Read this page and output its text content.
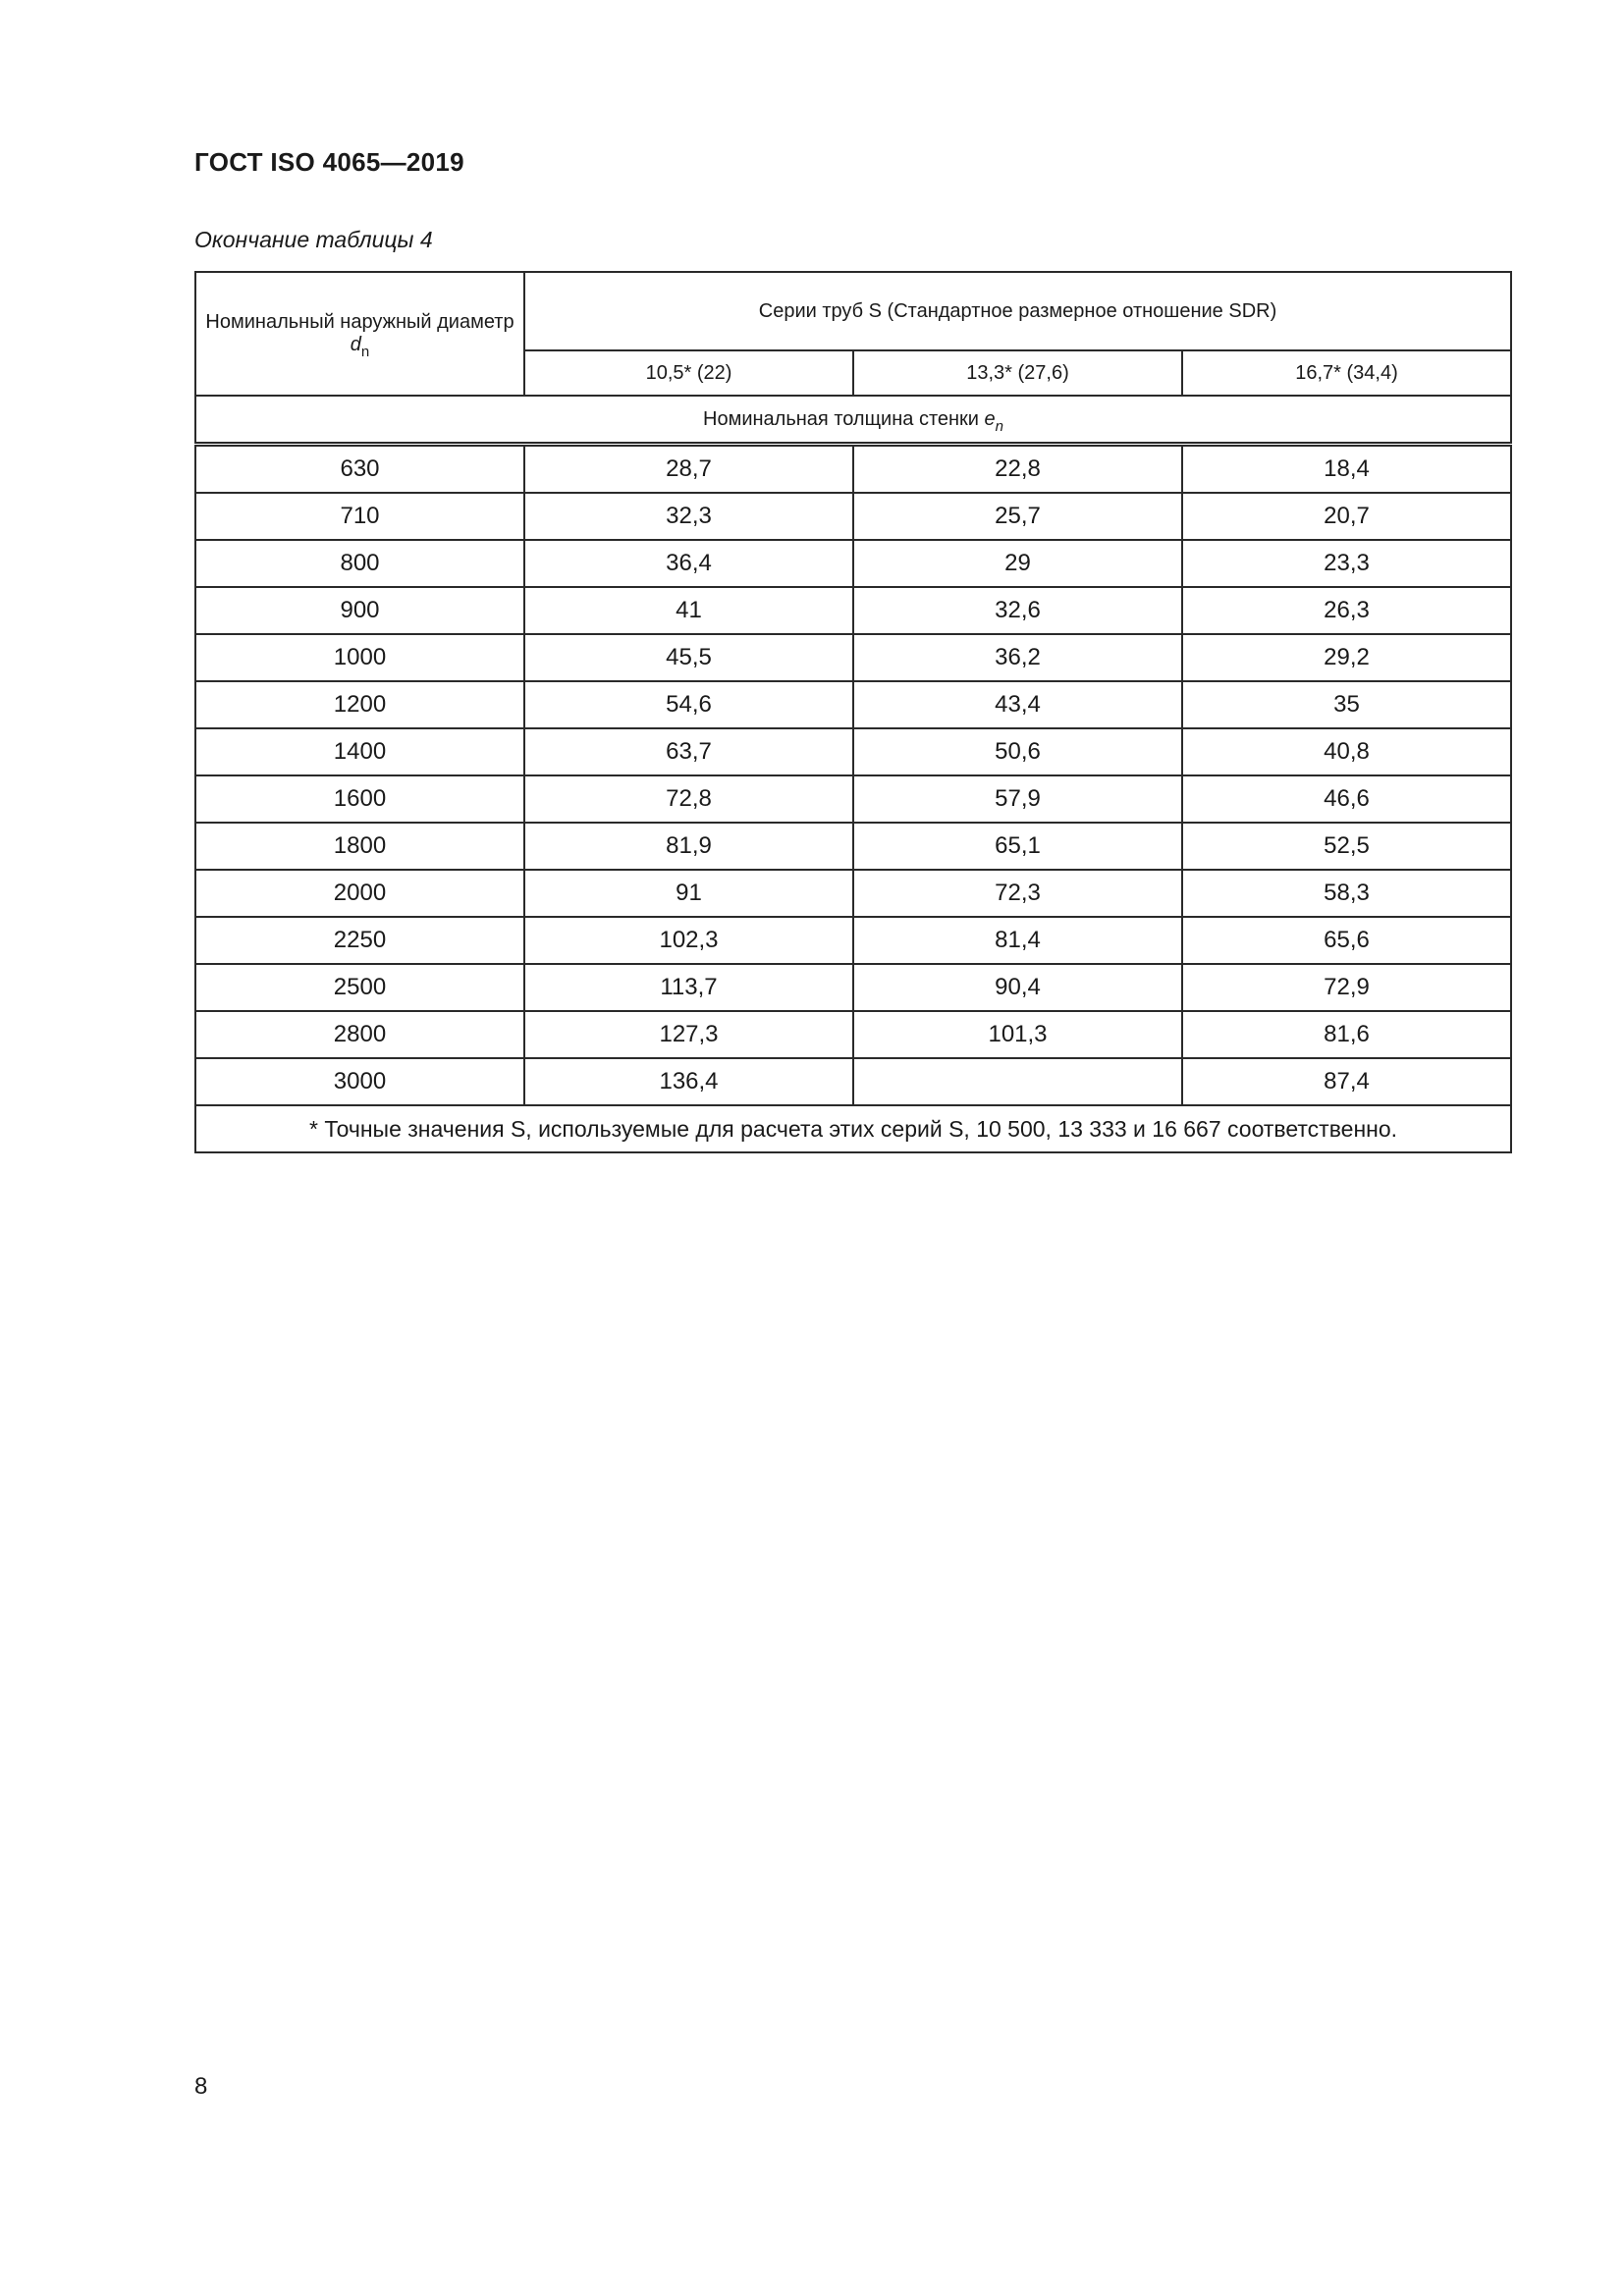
ГОСТ ISO 4065—2019
Окончание таблицы 4
Номинальный наружный диаметр $d_n$	Серии труб S (Стандартное размерное отношение SDR)		
	10,5* (22)	13,3* (27,6)	16,7* (34,4)
Номинальная толщина стенки $e_n$
630	28,7	22,8	18,4
710	32,3	25,7	20,7
800	36,4	29	23,3
900	41	32,6	26,3
1000	45,5	36,2	29,2
1200	54,6	43,4	35
1400	63,7	50,6	40,8
1600	72,8	57,9	46,6
1800	81,9	65,1	52,5
2000	91	72,3	58,3
2250	102,3	81,4	65,6
2500	113,7	90,4	72,9
2800	127,3	101,3	81,6
3000	136,4		87,4
* Точные значения S, используемые для расчета этих серий S, 10 500, 13 333 и 16 667 соответственно.			
8
